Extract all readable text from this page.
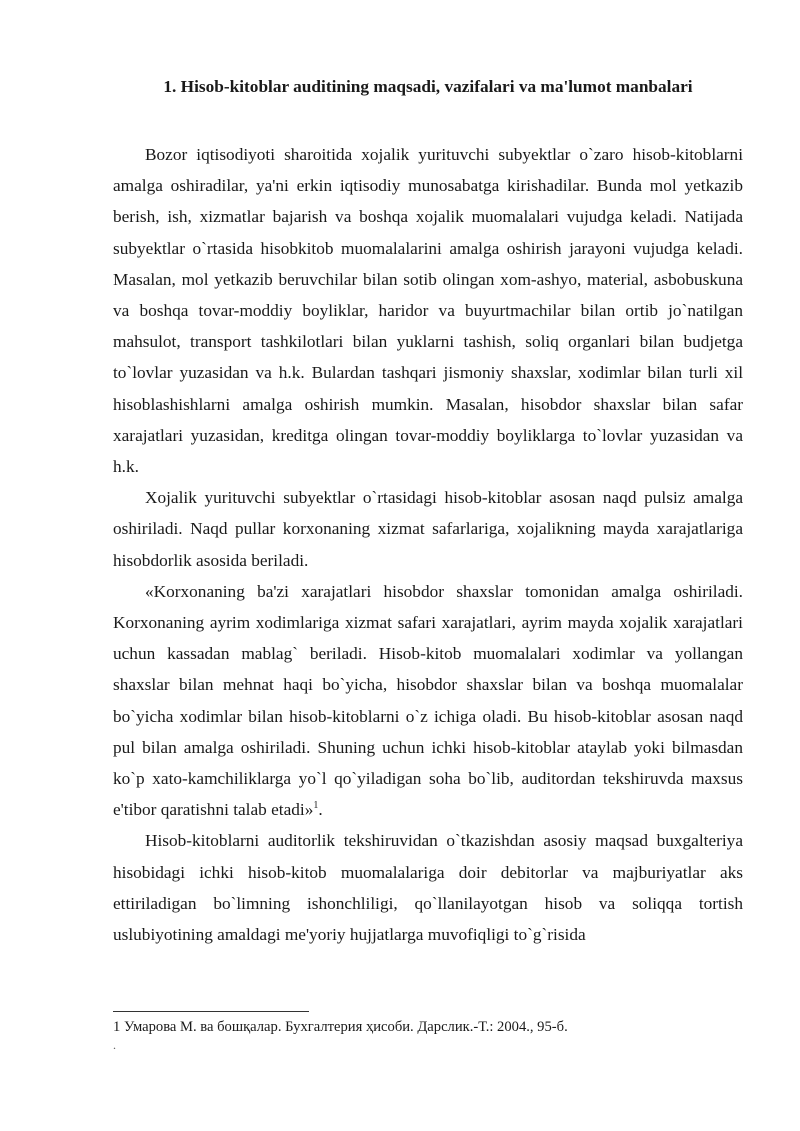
1. Hisob-kitoblar auditining maqsadi, vazifalari va ma'lumot manbalari

Bozor iqtisodiyoti sharoitida xojalik yurituvchi subyektlar o`zaro hisob-kitoblarni amalga oshiradilar, ya'ni erkin iqtisodiy munosabatga kirishadilar. Bunda mol yetkazib berish, ish, xizmatlar bajarish va boshqa xojalik muomalalari vujudga keladi. Natijada subyektlar o`rtasida hisobkitob muomalalarini amalga oshirish jarayoni vujudga keladi. Masalan, mol yetkazib beruvchilar bilan sotib olingan xom-ashyo, material, asbobuskuna va boshqa tovar-moddiy boyliklar, haridor va buyurtmachilar bilan ortib jo`natilgan mahsulot, transport tashkilotlari bilan yuklarni tashish, soliq organlari bilan budjetga to`lovlar yuzasidan va h.k. Bulardan tashqari jismoniy shaxslar, xodimlar bilan turli xil hisoblashishlarni amalga oshirish mumkin. Masalan, hisobdor shaxslar bilan safar xarajatlari yuzasidan, kreditga olingan tovar-moddiy boyliklarga to`lovlar yuzasidan va h.k.

Xojalik yurituvchi subyektlar o`rtasidagi hisob-kitoblar asosan naqd pulsiz amalga oshiriladi. Naqd pullar korxonaning xizmat safarlariga, xojalikning mayda xarajatlariga hisobdorlik asosida beriladi.

«Korxonaning ba'zi xarajatlari hisobdor shaxslar tomonidan amalga oshiriladi. Korxonaning ayrim xodimlariga xizmat safari xarajatlari, ayrim mayda xojalik xarajatlari uchun kassadan mablag` beriladi. Hisob-kitob muomalalari xodimlar va yollangan shaxslar bilan mehnat haqi bo`yicha, hisobdor shaxslar bilan va boshqa muomalalar bo`yicha xodimlar bilan hisob-kitoblarni o`z ichiga oladi. Bu hisob-kitoblar asosan naqd pul bilan amalga oshiriladi. Shuning uchun ichki hisob-kitoblar ataylab yoki bilmasdan ko`p xato-kamchiliklarga yo`l qo`yiladigan soha bo`lib, auditordan tekshiruvda maxsus e'tibor qaratishni talab etadi»$^1$.

Hisob-kitoblarni auditorlik tekshiruvidan o`tkazishdan asosiy maqsad buxgalteriya hisobidagi ichki hisob-kitob muomalalariga doir debitorlar va majburiyatlar aks ettiriladigan bo`limning ishonchliligi, qo`llanilayotgan hisob va soliqqa tortish uslubiyotining amaldagi me'yoriy hujjatlarga muvofiqligi to`g`risida

1 Умарова М. ва бошқалар. Бухгалтерия ҳисоби. Дарслик.-Т.: 2004., 95-б.
.
